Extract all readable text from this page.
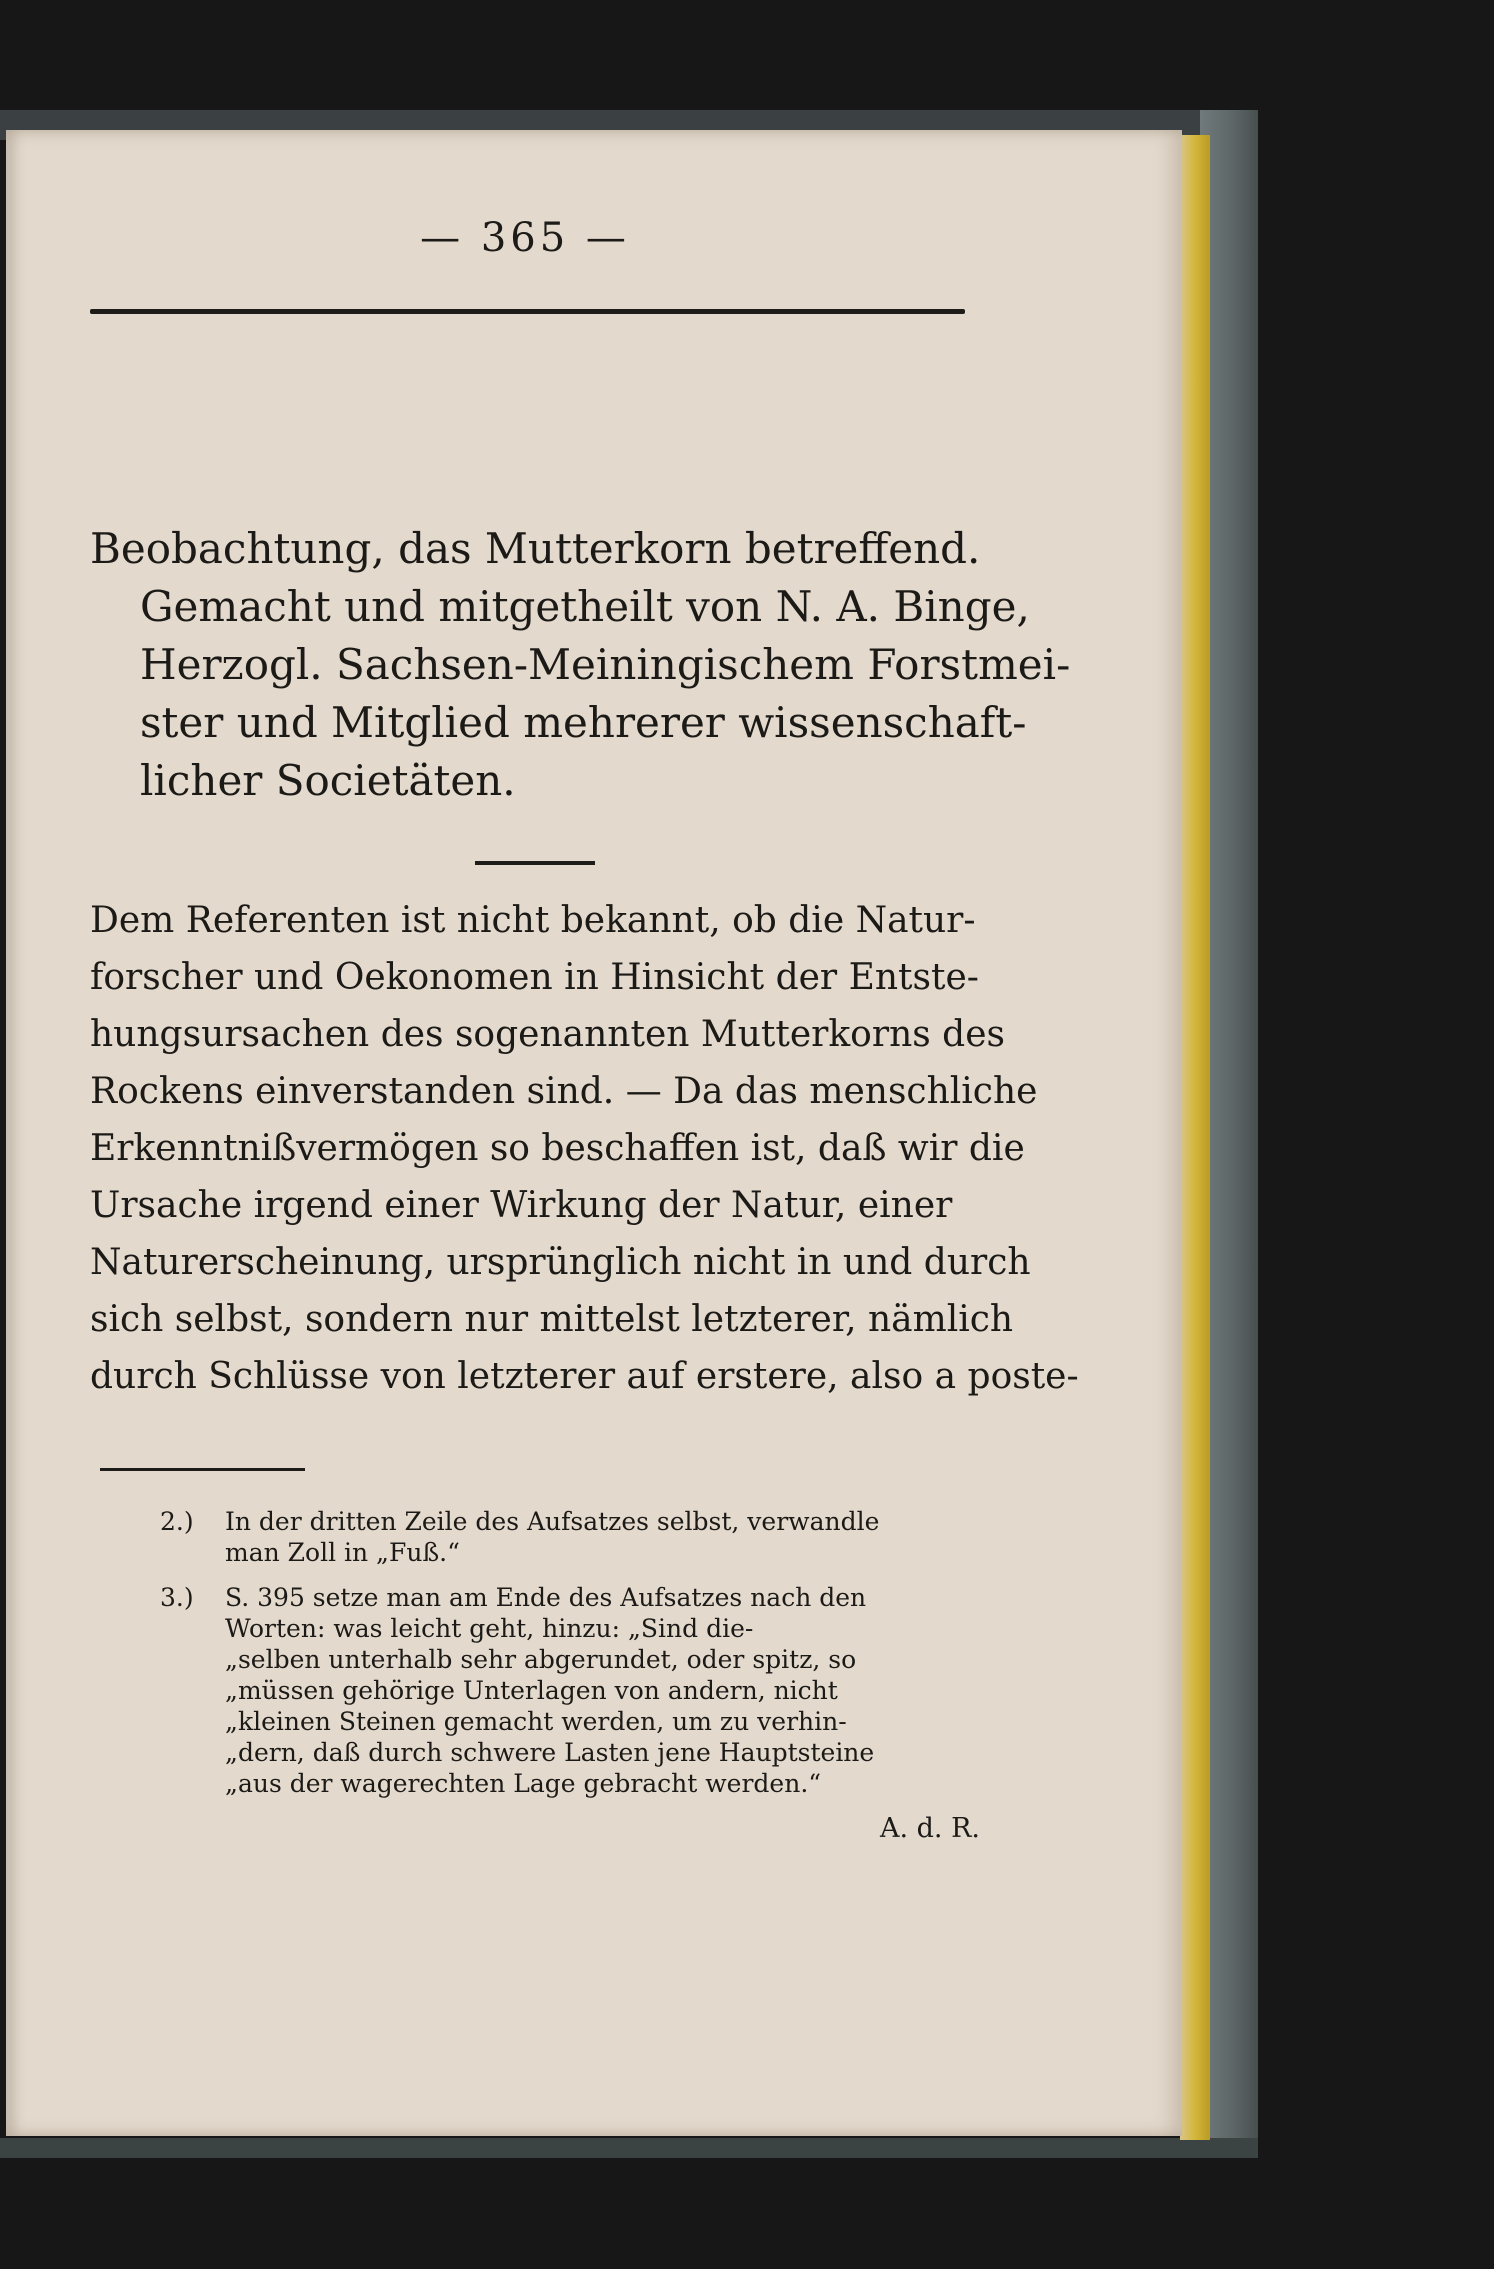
— 365 —

Beobachtung, das Mutterkorn betreffend.

Gemacht und mitgetheilt von N. A. Binge,

Herzogl. Sachsen-Meiningischem Forstmei-

ster und Mitglied mehrerer wissenschaft-

licher Societäten.

Dem Referenten ist nicht bekannt, ob die Natur-

forscher und Oekonomen in Hinsicht der Entste-

hungsursachen des sogenannten Mutterkorns des

Rockens einverstanden sind. — Da das menschliche

Erkenntnißvermögen so beschaffen ist, daß wir die

Ursache irgend einer Wirkung der Natur, einer

Naturerscheinung, ursprünglich nicht in und durch

sich selbst, sondern nur mittelst letzterer, nämlich

durch Schlüsse von letzterer auf erstere, also a poste-

2.) In der dritten Zeile des Aufsatzes selbst, verwandle

man Zoll in „Fuß.“

3.) S. 395 setze man am Ende des Aufsatzes nach den

Worten: was leicht geht, hinzu: „Sind die-

„selben unterhalb sehr abgerundet, oder spitz, so

„müssen gehörige Unterlagen von andern, nicht

„kleinen Steinen gemacht werden, um zu verhin-

„dern, daß durch schwere Lasten jene Hauptsteine

„aus der wagerechten Lage gebracht werden.“

A. d. R.
